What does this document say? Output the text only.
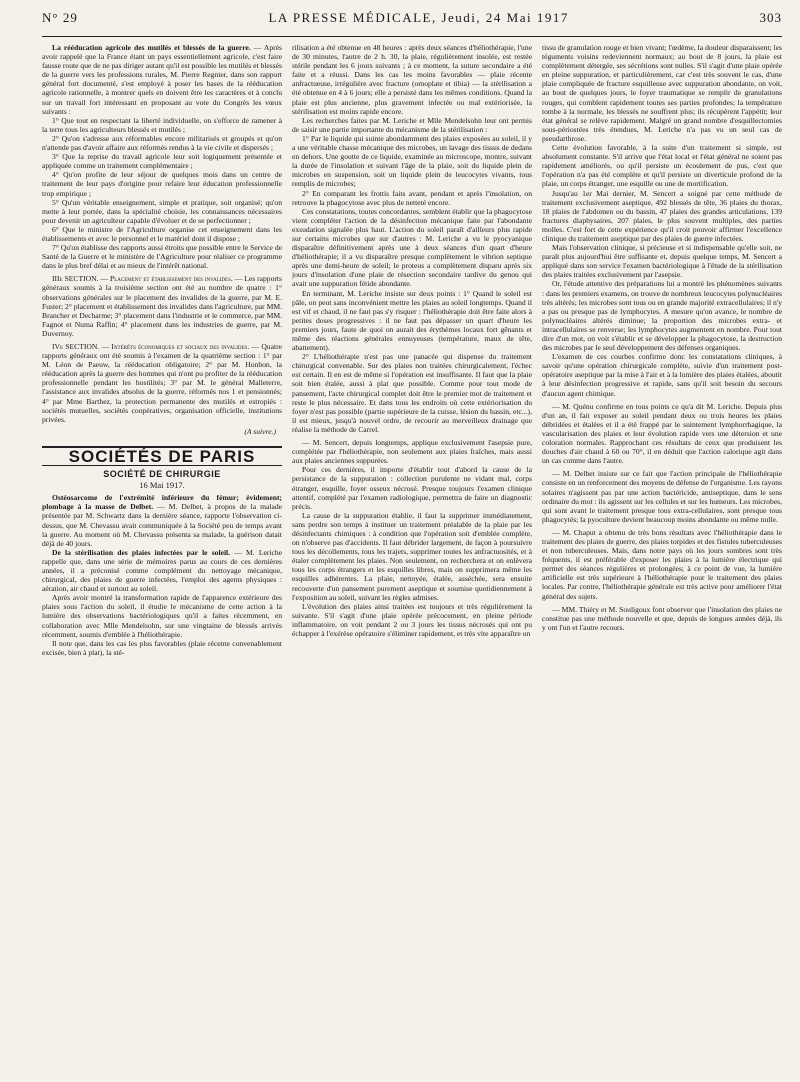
N° 29	LA PRESSE MÉDICALE, Jeudi, 24 Mai 1917	303

La rééducation agricole des mutilés et blessés de la guerre. — Après avoir rappelé que la France étant un pays essentiellement agricole, c'est faire fausse route que de ne pas diriger autant qu'il est possible les mutilés et blessés de la guerre vers les professions rurales, M. Pierre Regnier, dans son rapport général fort documenté, s'est employé à poser les bases de la rééducation agricole rationnelle, à montrer quels en doivent être les caractères et à conclu sur un travail fort intéressant en proposant au vote du Congrès les vœux suivants :

1° Que tout en respectant la liberté individuelle, on s'efforce de ramener à la terre tous les agriculteurs blessés et mutilés ;

2° Qu'on s'adresse aux réformables encore militarisés et groupés et qu'on n'attende pas d'avoir affaire aux réformés rendus à la vie civile et dispersés ;

3° Que la reprise du travail agricole leur soit logiquement présentée et appliquée comme un traitement complémentaire ;

4° Qu'on profite de leur séjour de quelques mois dans un centre de traitement de leur pays d'origine pour refaire leur éducation professionnelle trop empirique ;

5° Qu'un véritable enseignement, simple et pratique, soit organisé; qu'on mette à leur portée, dans la spécialité choisie, les connaissances nécessaires pour devenir un agriculteur capable d'évoluer et de se perfectionner ;

6° Que le ministre de l'Agriculture organise cet enseignement dans les établissements et avec le personnel et le matériel dont il dispose ;

7° Qu'on établisse des rapports aussi étroits que possible entre le Service de Santé de la Guerre et le ministère de l'Agriculture pour réaliser ce programme dans le plus bref délai et au mieux de l'intérêt national.

IIIe SECTION. — Placement et établissement des invalides. — Les rapports généraux soumis à la troisième section ont été au nombre de quatre : 1° observations générales sur le placement des invalides de la guerre, par M. E. Fuster; 2° placement et établissement des invalides dans l'agriculture, par MM. Brancher et Decharme; 3° placement dans l'industrie et le commerce, par MM. Fagnot et Numa Raffin; 4° placement dans les industries de guerre, par M. Duvernoy.

IVe SECTION. — Intérêts économiques et sociaux des invalides. — Quatre rapports généraux ont été soumis à l'examen de la quatrième section : 1° par M. Léon de Paeuw, la rééducation obligatoire; 2° par M. Honbon, la rééducation après la guerre des hommes qui n'ont pu profiter de la rééducation professionnelle pendant les hostilités; 3° par M. le général Malleterre, l'assistance aux invalides absolus de la guerre, réformés nos 1 et pensionnés; 4° par Mme Barthez, la protection permanente des mutilés et estropiés : sociétés mutuelles, sociétés coopératives, organisation officielle, institutions privées.

(A suivre.)
SOCIÉTÉS DE PARIS
SOCIÉTÉ DE CHIRURGIE
16 Mai 1917.

Ostéosarcome de l'extrémité inférieure du fémur; évidement; plombage à la masse de Delbet. — M. Delbet, à propos de la malade présentée par M. Schwartz dans la dernière séance, rapporte l'observation ci-dessus, que M. Chevassu avait communiquée à la Société peu de temps avant la guerre. Au moment où M. Chevassu présenta sa malade, la guérison datait déjà de 40 jours.

De la stérilisation des plaies infectées par le soleil. — M. Leriche rappelle que, dans une série de mémoires parus au cours de ces dernières années, il a préconisé comme complément du nettoyage mécanique, chirurgical, des plaies de guerre infectées, l'emploi des agents physiques : aération, air chaud et surtout au soleil.

Après avoir montré la transformation rapide de l'apparence extérieure des plaies sous l'action du soleil, il étudie le mécanisme de cette action à la lumière des observations bactériologiques qu'il a faites récemment, en collaboration avec Mlle Mendelsohn, sur une vingtaine de blessés arrivés récemment, soumis d'emblée à l'héliothérapie.

Il note que, dans les cas les plus favorables (plaie récente convenablement excisée, bien à plat), la sté-

rilisation a été obtenue en 48 heures : après deux séances d'héliothérapie, l'une de 30 minutes, l'autre de 2 h. 30, la plaie, régulièrement insolée, est restée stérile pendant les 6 jours suivants ; à ce moment, la suture secondaire a été faite et a réussi. Dans les cas les moins favorables — plaie récente anfractueuse, irrégulière avec fracture (omoplate et tibia) — la stérilisation a été obtenue en 4 à 6 jours; elle a persisté dans les mêmes conditions. Quand la plaie est plus ancienne, plus gravement infectée ou mal extériorisée, la stérilisation est moins rapide encore.

Les recherches faites par M. Leriche et Mlle Mendelsohn leur ont permis de saisir une partie importante du mécanisme de la stérilisation :

1° Par le liquide qui suinte abondamment des plaies exposées au soleil, il y a une véritable chasse mécanique des microbes, un lavage des tissus de dedans en dehors. Une goutte de ce liquide, examinée au microscope, montre, suivant la durée de l'insolation et suivant l'âge de la plaie, soit du liquide plein de microbes en suspension, soit un liquide plein de leucocytes vivants, tous remplis de microbes;

2° En comparant les frottis faits avant, pendant et après l'insolation, on retrouve la phagocytose avec plus de netteté encore.

Ces constatations, toutes concordantes, semblent établir que la phagocytose vient compléter l'action de la désinfection mécanique faite par l'abondante exsudation signalée plus haut. L'action du soleil paraît d'ailleurs plus rapide sur certains microbes que sur d'autres : M. Leriche a vu le pyocyanique disparaître définitivement après une à deux séances d'un quart d'heure d'héliothérapie; il a vu disparaître presque complètement le vibrion septique après une demi-heure de soleil; le proteus a complètement disparu après six jours d'insolation d'une plaie de résection secondaire tardive du genou qui avait une suppuration fétide abondante.

En terminant, M. Leriche insiste sur deux points : 1° Quand le soleil est pâle, on peut sans inconvénient mettre les plaies au soleil longtemps. Quand il est vif et chaud, il ne faut pas s'y risquer : l'héliothérapie doit être faite alors à petites doses progressives : il ne faut pas dépasser un quart d'heure les premiers jours, faute de quoi on aurait des érythèmes locaux fort gênants et même des réactions générales ennuyeuses (température, maux de tête, abattement).

2° L'héliothérapie n'est pas une panacée qui dispense du traitement chirurgical convenable. Sur des plaies non traitées chirurgicalement, l'échec est certain. Il en est de même si l'opération est insuffisante. Il faut que la plaie soit bien étalée, aussi à plat que possible. Comme pour tout mode de pansement, l'acte chirurgical complet doit être le premier mot de traitement et reste le plus nécessaire. Et dans tous les endroits où cette extériorisation du foyer n'est pas possible (partie supérieure de la cuisse, lésion du bassin, etc...), il est mieux, jusqu'à nouvel ordre, de recourir au merveilleux drainage que réalise la méthode de Carrel.

— M. Sencert, depuis longtemps, applique exclusivement l'asepsie pure, complétée par l'héliothérapie, non seulement aux plaies fraîches, mais aussi aux plaies anciennes suppurées.

Pour ces dernières, il importe d'établir tout d'abord la cause de la persistance de la suppuration : collection purulente ne vidant mal, corps étranger, esquille, foyer osseux nécrosé. Presque toujours l'examen clinique attentif, complété par l'examen radiologique, permettra de faire un diagnostic précis.

La cause de la suppuration établie, il faut la supprimer immédiatement, sans perdre son temps à instituer un traitement préalable de la plaie par les désinfectants chimiques : à condition que l'opération soit d'emblée complète, on n'observe pas d'accidents. Il faut débrider largement, de façon à poursuivre tous les décollements, tous les trajets, supprimer toutes les anfractuosités, et à étaler complètement les plaies. Non seulement, on recherchera et on enlèvera tous les corps étrangers et les esquilles libres, mais on supprimera même les esquilles adhérentes. La plaie, nettoyée, étalée, asséchée, sera ensuite recouverte d'un pansement purement aseptique et soumise quotidiennement à l'exposition au soleil, suivant les règles admises.

L'évolution des plaies ainsi traitées est toujours et très régulièrement la suivante. S'il s'agit d'une plaie opérée précocement, en pleine période inflammatoire, on voit pendant 2 ou 3 jours les tissus nécrosés qui ont pu échapper à l'exérèse opératoire s'éliminer rapidement, et très vite apparaître un

tissu de granulation rouge et bien vivant; l'œdème, la douleur disparaissent; les téguments voisins redeviennent normaux; au bout de 8 jours, la plaie est complètement détergée, ses sécrétions sont nulles. S'il s'agit d'une plaie opérée en pleine suppuration, et particulièrement, car c'est très souvent le cas, d'une plaie compliquée de fracture esquilleuse avec suppuration abondante, on voit, au bout de quelques jours, le foyer traumatique se remplir de granulations rouges, qui comblent rapidement toutes ses parties profondes; la température tombe à la normale, les blessés ne souffrent plus; ils récupèrent l'appétit; leur état général se relève rapidement. Malgré un grand nombre d'esquillectomies sous-périostées très étendues, M. Leriche n'a pas vu un seul cas de pseudarthrose.

Cette évolution favorable, à la suite d'un traitement si simple, est absolument constante. S'il arrive que l'état local et l'état général ne soient pas rapidement améliorés, ou qu'il persiste un écoulement de pus, c'est que l'opération n'a pas été complète et qu'il persiste un diverticule profond de la plaie, un corps étranger, une esquille ou une de mortification.

Jusqu'au 1er Mai dernier, M. Sencert a soigné par cette méthode de traitement exclusivement aseptique, 492 blessés de tête, 36 plaies du thorax, 18 plaies de l'abdomen ou du bassin, 47 plaies des grandes articulations, 139 fractures diaphysaires, 207 plaies, le plus souvent multiples, des parties molles. C'est fort de cette expérience qu'il croit pouvoir affirmer l'excellence clinique du traitement aseptique par des plaies de guerre infectées.

Mais l'observation clinique, si précieuse et si indispensable qu'elle soit, ne paraît plus aujourd'hui être suffisante et, depuis quelque temps, M. Sencert a appliqué dans son service l'examen bactériologique à l'étude de la stérilisation des plaies traitées exclusivement par l'asepsie.

Or, l'étude attentive des préparations lui a montré les phénomènes suivants : dans les premiers examens, on trouve de nombreux leucocytes polynucléaires très altérés; les microbes sont tous ou en grande majorité extracellulaires; il n'y a pas ou presque pas de lymphocytes. A mesure qu'on avance, le nombre de polynucléaires altérés diminue; la proportion des microbes extra- et intracellulaires se renverse; les lymphocytes augmentent en nombre. Pour tout dire d'un mot, on voit s'établir et se développer la phagocytose, la destruction des microbes par le seul développement des défenses organiques.

L'examen de ces courbes confirme donc les constatations cliniques, à savoir qu'une opération chirurgicale complète, suivie d'un traitement post-opératoire aseptique par la mise à l'air et à la lumière des plaies étalées, aboutit à leur désinfection progressive et rapide, sans qu'il soit besoin du secours d'aucun agent chimique.

— M. Quénu confirme en tous points ce qu'a dit M. Leriche. Depuis plus d'un an, il fait exposer au soleil pendant deux ou trois heures les plaies débridées et étalées et il a été frappé par le suintement lymphorrhagique, la vascularisation des plaies et leur évolution rapide vers une détersion et une coloration normales. Rapprochant ces résultats de ceux que produisent les douches d'air chaud à 60 ou 70°, il en déduit que l'action calorique agit dans un cas comme dans l'autre.

— M. Delbet insiste sur ce fait que l'action principale de l'héliothérapie consiste en un renforcement des moyens de défense de l'organisme. Les rayons solaires n'agissent pas par une action bactéricide, antiseptique, dans le sens ordinaire du mot : ils agissent sur les cellules et sur les humeurs. Les microbes, qui sont avant le traitement presque tous extra-cellulaires, sont presque tous phagocytés; la pyoculture devient beaucoup moins abondante ou même nulle.

— M. Chaput a obtenu de très bons résultats avec l'héliothérapie dans le traitement des plaies de guerre, des plaies torpides et des fistules tuberculeuses et non tuberculeuses. Mais, dans notre pays où les jours sombres sont très fréquents, il est préférable d'exposer les plaies à la lumière électrique qui permet des séances régulières et prolongées; à ce point de vue, la lumière artificielle est très supérieure à l'héliothérapie pour le traitement des plaies locales. Par contre, l'héliothérapie générale est très active pour améliorer l'état général des sujets.

— MM. Thiéry et M. Souligoux font observer que l'insolation des plaies ne constitue pas une méthode nouvelle et que, depuis de longues années déjà, ils y ont l'un et l'autre recours.
